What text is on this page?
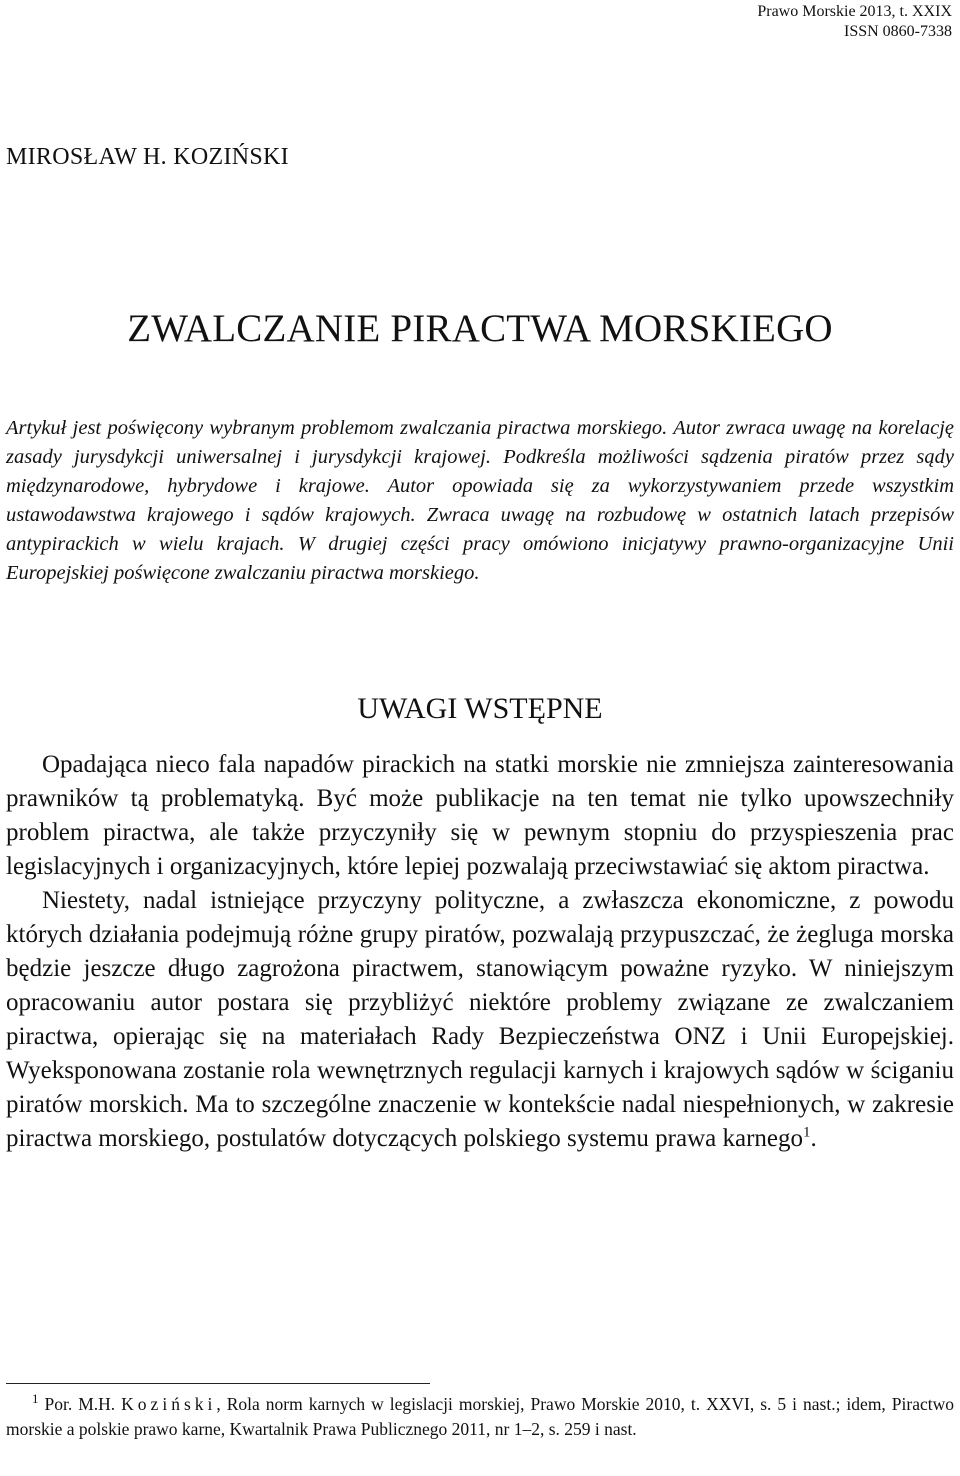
Prawo Morskie 2013, t. XXIX
ISSN 0860-7338
MIROSŁAW H. KOZIŃSKI
ZWALCZANIE PIRACTWA MORSKIEGO
Artykuł jest poświęcony wybranym problemom zwalczania piractwa morskiego. Autor zwraca uwagę na korelację zasady jurysdykcji uniwersalnej i jurysdykcji krajowej. Podkreśla możliwości sądzenia piratów przez sądy międzynarodowe, hybrydowe i krajowe. Autor opowiada się za wykorzystywaniem przede wszystkim ustawodawstwa krajowego i sądów krajowych. Zwraca uwagę na rozbudowę w ostatnich latach przepisów antypirackich w wielu krajach. W drugiej części pracy omówiono inicjatywy prawno-organizacyjne Unii Europejskiej poświęcone zwalczaniu piractwa morskiego.
UWAGI WSTĘPNE

Opadająca nieco fala napadów pirackich na statki morskie nie zmniejsza zainteresowania prawników tą problematyką. Być może publikacje na ten temat nie tylko upowszechniły problem piractwa, ale także przyczyniły się w pewnym stopniu do przyspieszenia prac legislacyjnych i organizacyjnych, które lepiej pozwalają przeciwstawiać się aktom piractwa.

Niestety, nadal istniejące przyczyny polityczne, a zwłaszcza ekonomiczne, z powodu których działania podejmują różne grupy piratów, pozwalają przypuszczać, że żegluga morska będzie jeszcze długo zagrożona piractwem, stanowiącym poważne ryzyko. W niniejszym opracowaniu autor postara się przybliżyć niektóre problemy związane ze zwalczaniem piractwa, opierając się na materiałach Rady Bezpieczeństwa ONZ i Unii Europejskiej. Wyeksponowana zostanie rola wewnętrznych regulacji karnych i krajowych sądów w ściganiu piratów morskich. Ma to szczególne znaczenie w kontekście nadal niespełnionych, w zakresie piractwa morskiego, postulatów dotyczących polskiego systemu prawa karnego$^1$.

$^1$ Por. M.H. Koziński, Rola norm karnych w legislacji morskiej, Prawo Morskie 2010, t. XXVI, s. 5 i nast.; idem, Piractwo morskie a polskie prawo karne, Kwartalnik Prawa Publicznego 2011, nr 1–2, s. 259 i nast.
